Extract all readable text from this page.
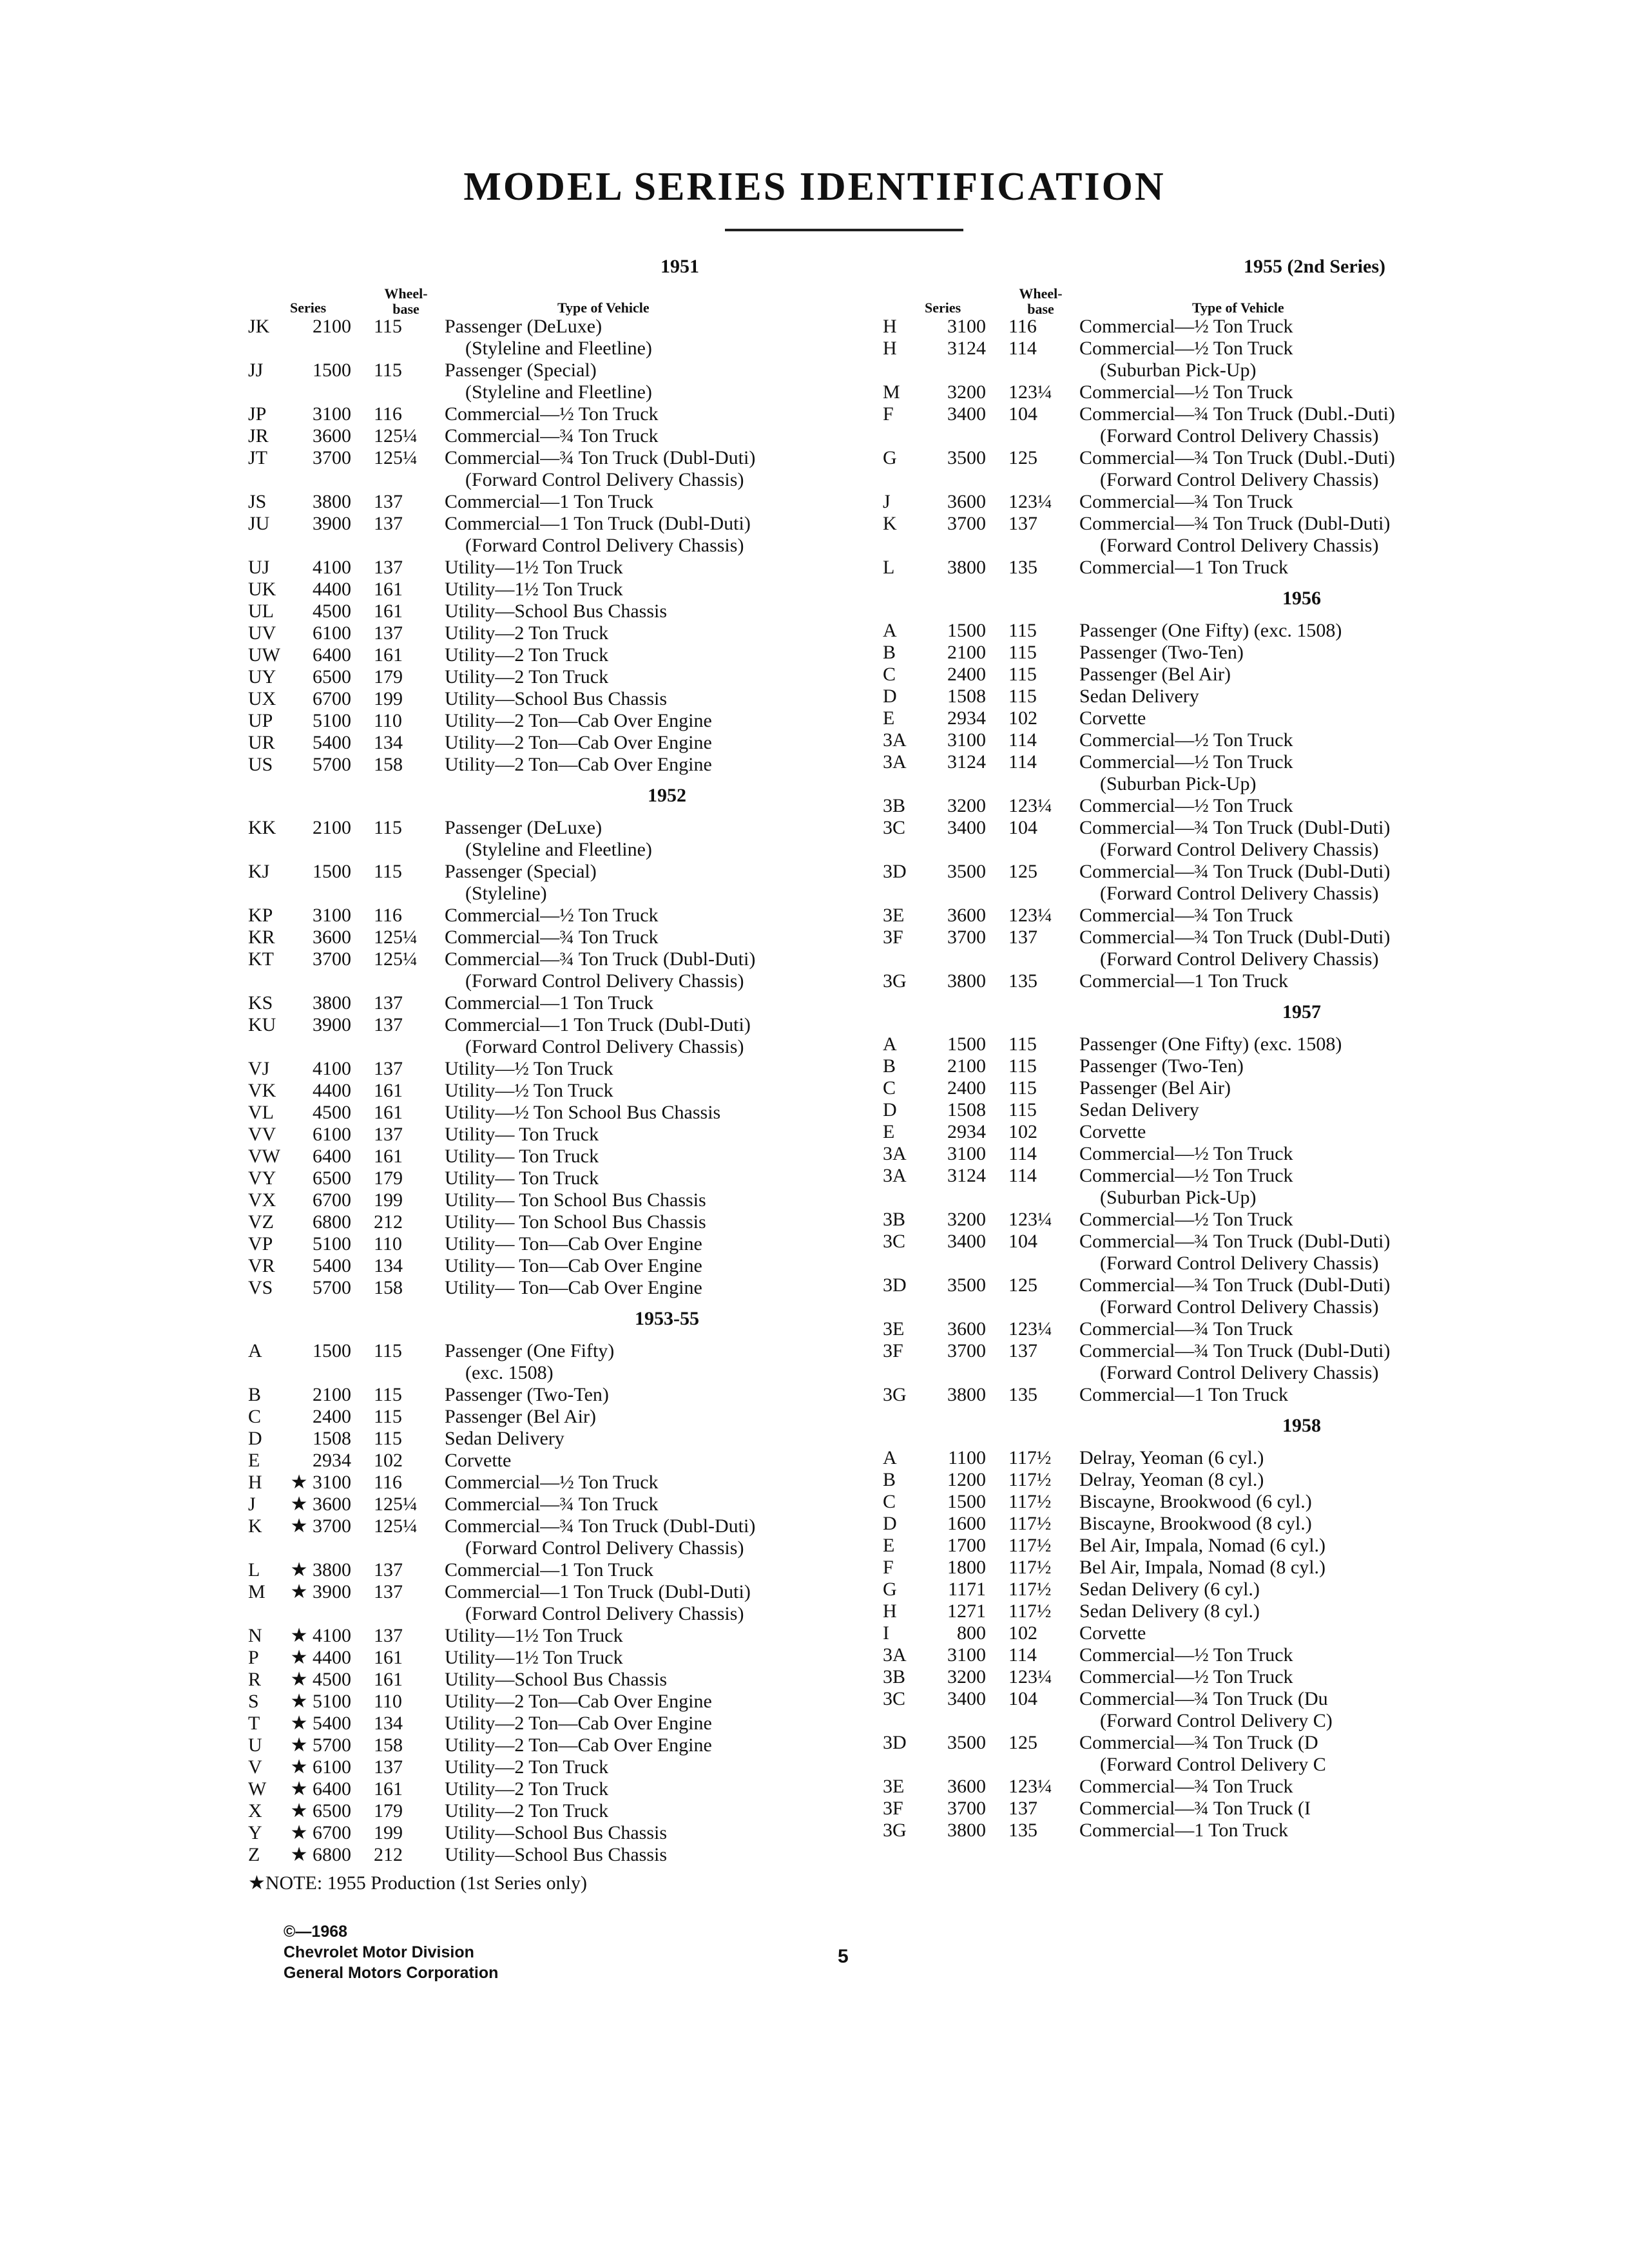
MODEL SERIES IDENTIFICATION
1951
Series
Wheel-
base	Type of Vehicle
JK	2100	115	Passenger (DeLuxe)
(Styleline and Fleetline)
JJ	1500	115	Passenger (Special)
(Styleline and Fleetline)
JP	3100	116	Commercial—½ Ton Truck
JR	3600	125¼	Commercial—¾ Ton Truck
JT	3700	125¼	Commercial—¾ Ton Truck (Dubl-Duti)
(Forward Control Delivery Chassis)
JS	3800	137	Commercial—1 Ton Truck
JU	3900	137	Commercial—1 Ton Truck (Dubl-Duti)
(Forward Control Delivery Chassis)
UJ	4100	137	Utility—1½ Ton Truck
UK	4400	161	Utility—1½ Ton Truck
UL	4500	161	Utility—School Bus Chassis
UV	6100	137	Utility—2 Ton Truck
UW	6400	161	Utility—2 Ton Truck
UY	6500	179	Utility—2 Ton Truck
UX	6700	199	Utility—School Bus Chassis
UP	5100	110	Utility—2 Ton—Cab Over Engine
UR	5400	134	Utility—2 Ton—Cab Over Engine
US	5700	158	Utility—2 Ton—Cab Over Engine
1952
KK	2100	115	Passenger (DeLuxe)
(Styleline and Fleetline)
KJ	1500	115	Passenger (Special)
(Styleline)
KP	3100	116	Commercial—½ Ton Truck
KR	3600	125¼	Commercial—¾ Ton Truck
KT	3700	125¼	Commercial—¾ Ton Truck (Dubl-Duti)
(Forward Control Delivery Chassis)
KS	3800	137	Commercial—1 Ton Truck
KU	3900	137	Commercial—1 Ton Truck (Dubl-Duti)
(Forward Control Delivery Chassis)
VJ	4100	137	Utility—½ Ton Truck
VK	4400	161	Utility—½ Ton Truck
VL	4500	161	Utility—½ Ton School Bus Chassis
VV	6100	137	Utility— Ton Truck
VW	6400	161	Utility— Ton Truck
VY	6500	179	Utility— Ton Truck
VX	6700	199	Utility— Ton School Bus Chassis
VZ	6800	212	Utility— Ton School Bus Chassis
VP	5100	110	Utility— Ton—Cab Over Engine
VR	5400	134	Utility— Ton—Cab Over Engine
VS	5700	158	Utility— Ton—Cab Over Engine
1953-55
A	1500	115	Passenger (One Fifty)
(exc. 1508)
B	2100	115	Passenger (Two-Ten)
C	2400	115	Passenger (Bel Air)
D	1508	115	Sedan Delivery
E	2934	102	Corvette
H	★ 3100	116	Commercial—½ Ton Truck
J	★ 3600	125¼	Commercial—¾ Ton Truck
K	★ 3700	125¼	Commercial—¾ Ton Truck (Dubl-Duti)
(Forward Control Delivery Chassis)
L	★ 3800	137	Commercial—1 Ton Truck
M	★ 3900	137	Commercial—1 Ton Truck (Dubl-Duti)
(Forward Control Delivery Chassis)
N	★ 4100	137	Utility—1½ Ton Truck
P	★ 4400	161	Utility—1½ Ton Truck
R	★ 4500	161	Utility—School Bus Chassis
S	★ 5100	110	Utility—2 Ton—Cab Over Engine
T	★ 5400	134	Utility—2 Ton—Cab Over Engine
U	★ 5700	158	Utility—2 Ton—Cab Over Engine
V	★ 6100	137	Utility—2 Ton Truck
W	★ 6400	161	Utility—2 Ton Truck
X	★ 6500	179	Utility—2 Ton Truck
Y	★ 6700	199	Utility—School Bus Chassis
Z	★ 6800	212	Utility—School Bus Chassis
★NOTE: 1955 Production (1st Series only)
1955 (2nd Series)
Series
Wheel-
base	Type of Vehicle
H	3100	116	Commercial—½ Ton Truck
H	3124	114	Commercial—½ Ton Truck
(Suburban Pick-Up)
M	3200	123¼	Commercial—½ Ton Truck
F	3400	104	Commercial—¾ Ton Truck (Dubl.-Duti)
(Forward Control Delivery Chassis)
G	3500	125	Commercial—¾ Ton Truck (Dubl.-Duti)
(Forward Control Delivery Chassis)
J	3600	123¼	Commercial—¾ Ton Truck
K	3700	137	Commercial—¾ Ton Truck (Dubl-Duti)
(Forward Control Delivery Chassis)
L	3800	135	Commercial—1 Ton Truck
1956
A	1500	115	Passenger (One Fifty) (exc. 1508)
B	2100	115	Passenger (Two-Ten)
C	2400	115	Passenger (Bel Air)
D	1508	115	Sedan Delivery
E	2934	102	Corvette
3A	3100	114	Commercial—½ Ton Truck
3A	3124	114	Commercial—½ Ton Truck
(Suburban Pick-Up)
3B	3200	123¼	Commercial—½ Ton Truck
3C	3400	104	Commercial—¾ Ton Truck (Dubl-Duti)
(Forward Control Delivery Chassis)
3D	3500	125	Commercial—¾ Ton Truck (Dubl-Duti)
(Forward Control Delivery Chassis)
3E	3600	123¼	Commercial—¾ Ton Truck
3F	3700	137	Commercial—¾ Ton Truck (Dubl-Duti)
(Forward Control Delivery Chassis)
3G	3800	135	Commercial—1 Ton Truck
1957
A	1500	115	Passenger (One Fifty) (exc. 1508)
B	2100	115	Passenger (Two-Ten)
C	2400	115	Passenger (Bel Air)
D	1508	115	Sedan Delivery
E	2934	102	Corvette
3A	3100	114	Commercial—½ Ton Truck
3A	3124	114	Commercial—½ Ton Truck
(Suburban Pick-Up)
3B	3200	123¼	Commercial—½ Ton Truck
3C	3400	104	Commercial—¾ Ton Truck (Dubl-Duti)
(Forward Control Delivery Chassis)
3D	3500	125	Commercial—¾ Ton Truck (Dubl-Duti)
(Forward Control Delivery Chassis)
3E	3600	123¼	Commercial—¾ Ton Truck
3F	3700	137	Commercial—¾ Ton Truck (Dubl-Duti)
(Forward Control Delivery Chassis)
3G	3800	135	Commercial—1 Ton Truck
1958
A	1100	117½	Delray, Yeoman (6 cyl.)
B	1200	117½	Delray, Yeoman (8 cyl.)
C	1500	117½	Biscayne, Brookwood (6 cyl.)
D	1600	117½	Biscayne, Brookwood (8 cyl.)
E	1700	117½	Bel Air, Impala, Nomad (6 cyl.)
F	1800	117½	Bel Air, Impala, Nomad (8 cyl.)
G	1171	117½	Sedan Delivery (6 cyl.)
H	1271	117½	Sedan Delivery (8 cyl.)
I	800	102	Corvette
3A	3100	114	Commercial—½ Ton Truck
3B	3200	123¼	Commercial—½ Ton Truck
3C	3400	104	Commercial—¾ Ton Truck (Du
(Forward Control Delivery C)
3D	3500	125	Commercial—¾ Ton Truck (D
(Forward Control Delivery C
3E	3600	123¼	Commercial—¾ Ton Truck
3F	3700	137	Commercial—¾ Ton Truck (I
3G	3800	135	Commercial—1 Ton Truck
©—1968
Chevrolet Motor Division
General Motors Corporation
5
